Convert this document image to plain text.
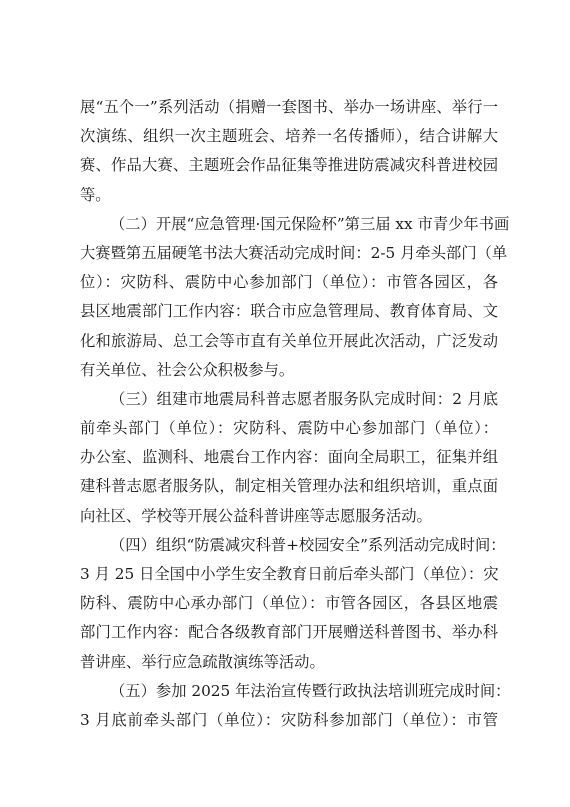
展“五个一”系列活动（捐赠一套图书、举办一场讲座、举行一
次演练、组织一次主题班会、培养一名传播师），结合讲解大
赛、作品大赛、主题班会作品征集等推进防震减灾科普进校园
等。
（二）开展“应急管理·国元保险杯”第三届 xx 市青少年书画
大赛暨第五届硬笔书法大赛活动完成时间：2-5 月牵头部门（单
位）：灾防科、震防中心参加部门（单位）：市管各园区，各
县区地震部门工作内容：联合市应急管理局、教育体育局、文
化和旅游局、总工会等市直有关单位开展此次活动，广泛发动
有关单位、社会公众积极参与。
（三）组建市地震局科普志愿者服务队完成时间：2 月底
前牵头部门（单位）：灾防科、震防中心参加部门（单位）：
办公室、监测科、地震台工作内容：面向全局职工，征集并组
建科普志愿者服务队，制定相关管理办法和组织培训，重点面
向社区、学校等开展公益科普讲座等志愿服务活动。
（四）组织“防震减灾科普+校园安全”系列活动完成时间：
3 月 25 日全国中小学生安全教育日前后牵头部门（单位）：灾
防科、震防中心承办部门（单位）：市管各园区，各县区地震
部门工作内容：配合各级教育部门开展赠送科普图书、举办科
普讲座、举行应急疏散演练等活动。
（五）参加 2025 年法治宣传暨行政执法培训班完成时间：
3 月底前牵头部门（单位）：灾防科参加部门（单位）：市管
